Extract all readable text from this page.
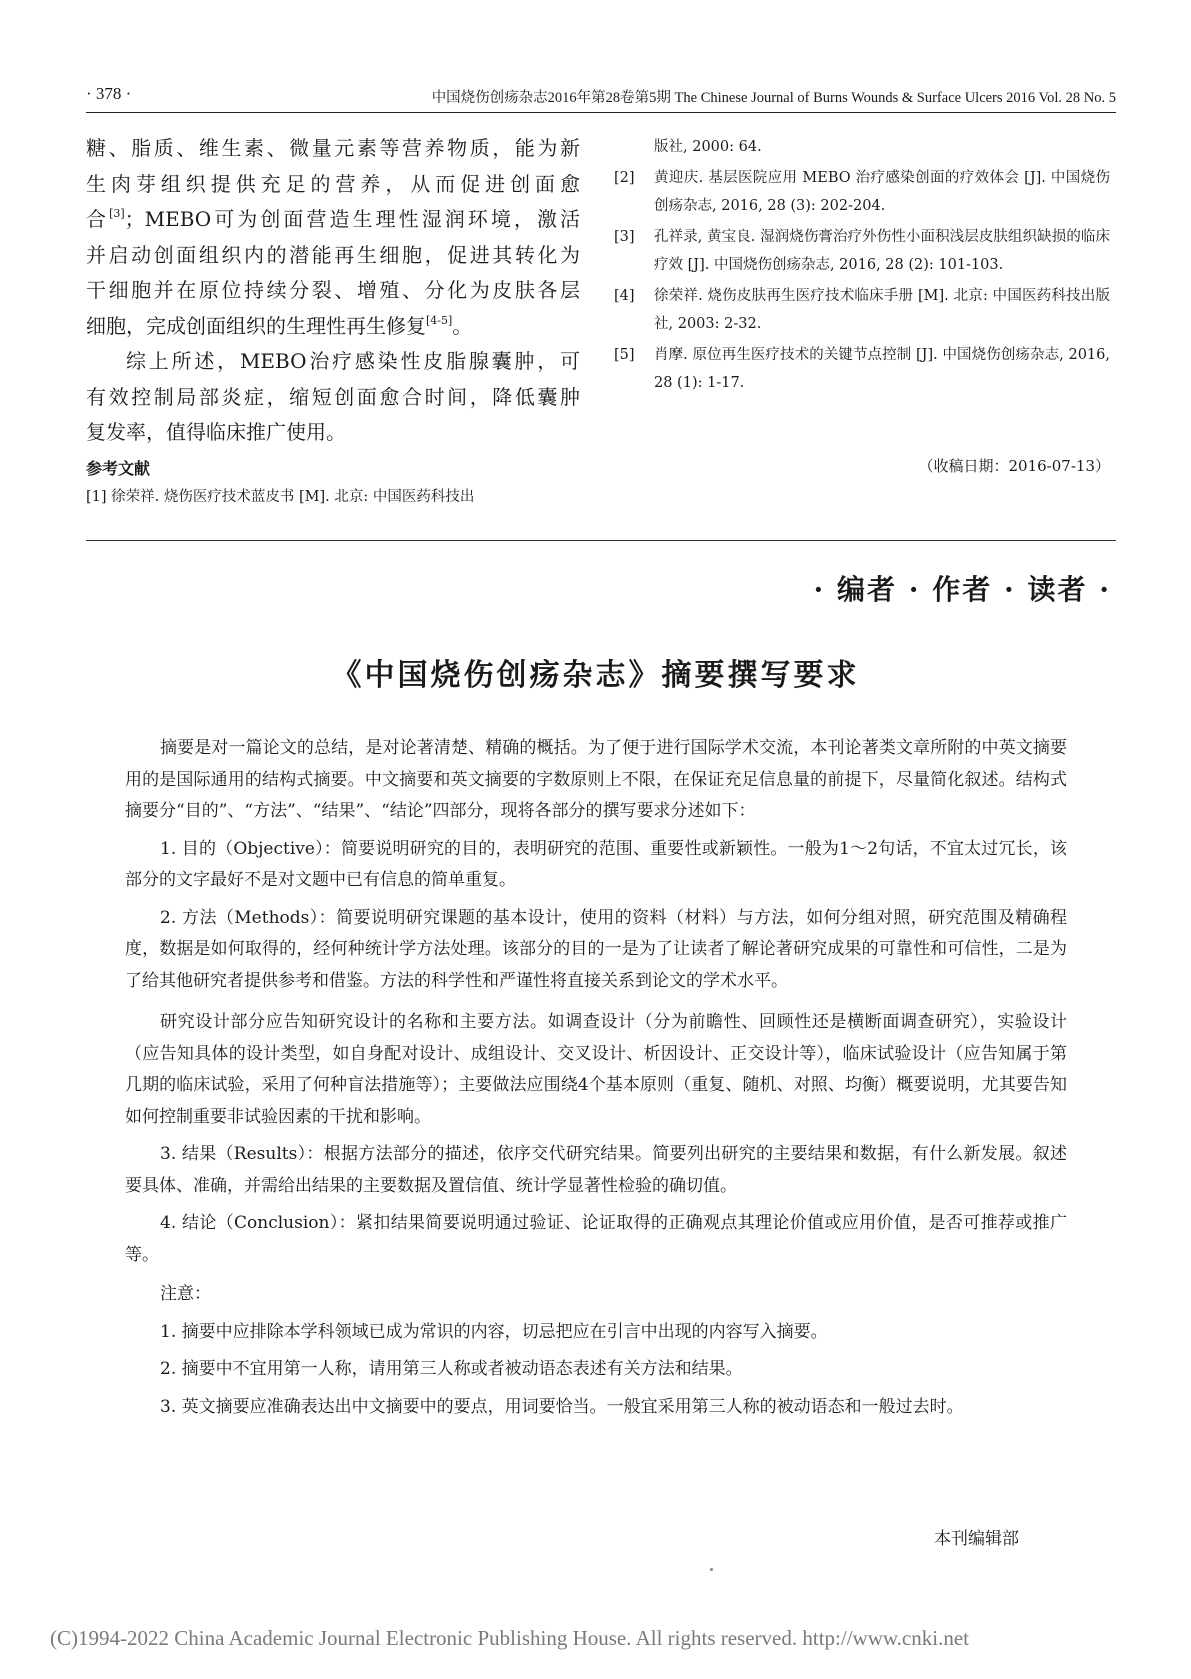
· 378 ·	中国烧伤创疡杂志2016年第28卷第5期 The Chinese Journal of Burns Wounds & Surface Ulcers 2016 Vol. 28 No. 5

糖、脂质、维生素、微量元素等营养物质，能为新

生肉芽组织提供充足的营养，从而促进创面愈

合[3]；MEBO可为创面营造生理性湿润环境，激活

并启动创面组织内的潜能再生细胞，促进其转化为

干细胞并在原位持续分裂、增殖、分化为皮肤各层

细胞，完成创面组织的生理性再生修复[4-5]。

综上所述，MEBO治疗感染性皮脂腺囊肿，可

有效控制局部炎症，缩短创面愈合时间，降低囊肿

复发率，值得临床推广使用。

参考文献
[1] 徐荣祥. 烧伤医疗技术蓝皮书 [M]. 北京: 中国医药科技出
版社, 2000: 64.
[2]	黄迎庆. 基层医院应用 MEBO 治疗感染创面的疗效体会 [J]. 中国烧伤创疡杂志, 2016, 28 (3): 202-204.
[3]	孔祥录, 黄宝良. 湿润烧伤膏治疗外伤性小面积浅层皮肤组织缺损的临床疗效 [J]. 中国烧伤创疡杂志, 2016, 28 (2): 101-103.
[4]	徐荣祥. 烧伤皮肤再生医疗技术临床手册 [M]. 北京: 中国医药科技出版社, 2003: 2-32.
[5]	肖摩. 原位再生医疗技术的关键节点控制 [J]. 中国烧伤创疡杂志, 2016, 28 (1): 1-17.
（收稿日期：2016-07-13）
· 编者 · 作者 · 读者 ·
《中国烧伤创疡杂志》摘要撰写要求

摘要是对一篇论文的总结，是对论著清楚、精确的概括。为了便于进行国际学术交流，本刊论著类文章所附的中英文摘要用的是国际通用的结构式摘要。中文摘要和英文摘要的字数原则上不限，在保证充足信息量的前提下，尽量简化叙述。结构式摘要分“目的”、“方法”、“结果”、“结论”四部分，现将各部分的撰写要求分述如下：

1. 目的（Objective）：简要说明研究的目的，表明研究的范围、重要性或新颖性。一般为1～2句话，不宜太过冗长，该部分的文字最好不是对文题中已有信息的简单重复。

2. 方法（Methods）：简要说明研究课题的基本设计，使用的资料（材料）与方法，如何分组对照，研究范围及精确程度，数据是如何取得的，经何种统计学方法处理。该部分的目的一是为了让读者了解论著研究成果的可靠性和可信性，二是为了给其他研究者提供参考和借鉴。方法的科学性和严谨性将直接关系到论文的学术水平。

研究设计部分应告知研究设计的名称和主要方法。如调查设计（分为前瞻性、回顾性还是横断面调查研究），实验设计（应告知具体的设计类型，如自身配对设计、成组设计、交叉设计、析因设计、正交设计等），临床试验设计（应告知属于第几期的临床试验，采用了何种盲法措施等）；主要做法应围绕4个基本原则（重复、随机、对照、均衡）概要说明，尤其要告知如何控制重要非试验因素的干扰和影响。

3. 结果（Results）：根据方法部分的描述，依序交代研究结果。简要列出研究的主要结果和数据，有什么新发展。叙述要具体、准确，并需给出结果的主要数据及置信值、统计学显著性检验的确切值。

4. 结论（Conclusion）：紧扣结果简要说明通过验证、论证取得的正确观点其理论价值或应用价值，是否可推荐或推广等。

注意：

1. 摘要中应排除本学科领域已成为常识的内容，切忌把应在引言中出现的内容写入摘要。

2. 摘要中不宜用第一人称，请用第三人称或者被动语态表述有关方法和结果。

3. 英文摘要应准确表达出中文摘要中的要点，用词要恰当。一般宜采用第三人称的被动语态和一般过去时。

本刊编辑部
(C)1994-2022 China Academic Journal Electronic Publishing House. All rights reserved. http://www.cnki.net
